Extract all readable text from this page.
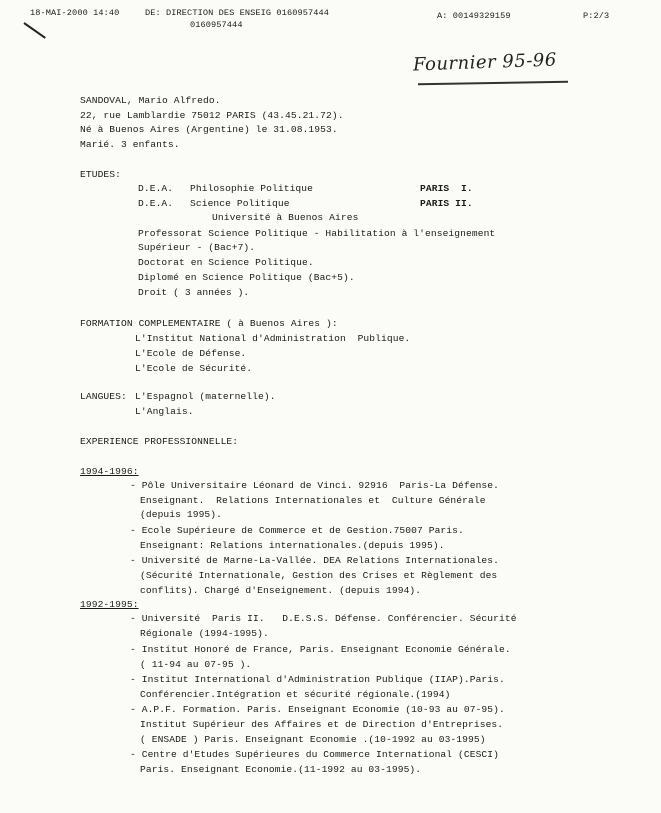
18-MAI-2000 14:40	DE: DIRECTION DES ENSEIG 0160957444
0160957444
A: 00149329159	P:2/3
Fournier 95-96
SANDOVAL, Mario Alfredo.
22, rue Lamblardie 75012 PARIS (43.45.21.72).
Né à Buenos Aires (Argentine) le 31.08.1953.
Marié. 3 enfants.
ETUDES:
D.E.A. Philosophie Politique	PARIS  I.
D.E.A. Science Politique	PARIS II.
Université à Buenos Aires
Professorat Science Politique - Habilitation à l'enseignement
Supérieur - (Bac+7).
Doctorat en Science Politique.
Diplomé en Science Politique (Bac+5).
Droit ( 3 années ).
FORMATION COMPLEMENTAIRE ( à Buenos Aires ):
L'Institut National d'Administration  Publique.
L'Ecole de Défense.
L'Ecole de Sécurité.
LANGUES: L'Espagnol (maternelle).
L'Anglais.
EXPERIENCE PROFESSIONNELLE:
1994-1996:
- Pôle Universitaire Léonard de Vinci. 92916  Paris-La Défense.
Enseignant.  Relations Internationales et  Culture Générale
(depuis 1995).
- Ecole Supérieure de Commerce et de Gestion.75007 Paris.
Enseignant: Relations internationales.(depuis 1995).
- Université de Marne-La-Vallée. DEA Relations Internationales.
(Sécurité Internationale, Gestion des Crises et Règlement des
conflits). Chargé d'Enseignement. (depuis 1994).
1992-1995:
- Université  Paris II.   D.E.S.S. Défense. Conférencier. Sécurité
Régionale (1994-1995).
- Institut Honoré de France, Paris. Enseignant Economie Générale.
( 11-94 au 07-95 ).
- Institut International d'Administration Publique (IIAP).Paris.
Conférencier.Intégration et sécurité régionale.(1994)
- A.P.F. Formation. Paris. Enseignant Economie (10-93 au 07-95).
Institut Supérieur des Affaires et de Direction d'Entreprises.
( ENSADE ) Paris. Enseignant Economie .(10-1992 au 03-1995)
- Centre d'Etudes Supérieures du Commerce International (CESCI)
Paris. Enseignant Economie.(11-1992 au 03-1995).
